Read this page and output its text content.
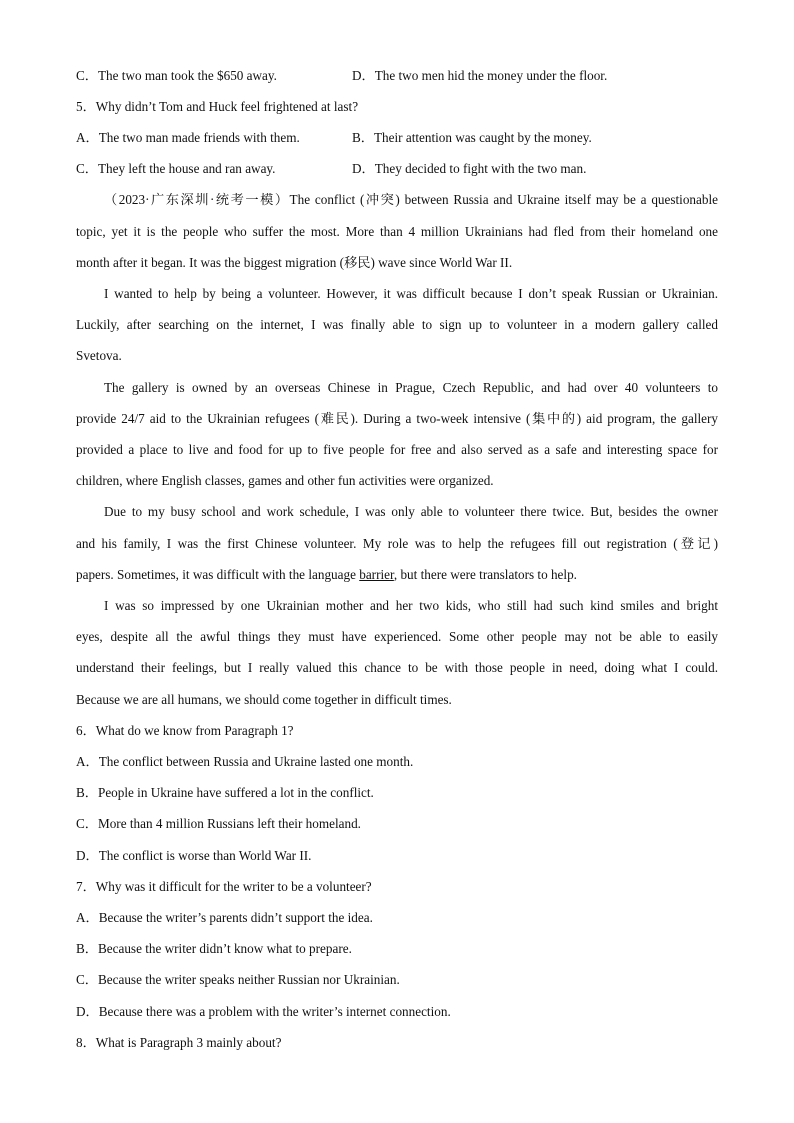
C．The two man took the $650 away.	D．The two men hid the money under the floor.
5．Why didn’t Tom and Huck feel frightened at last?
A．The two man made friends with them.	B．Their attention was caught by the money.
C．They left the house and ran away.	D．They decided to fight with the two man.
（2023·广东深圳·统考一模）The conflict (冲突) between Russia and Ukraine itself may be a questionable
topic, yet it is the people who suffer the most. More than 4 million Ukrainians had fled from their homeland one
month after it began. It was the biggest migration (移民) wave since World War II.
I wanted to help by being a volunteer. However, it was difficult because I don’t speak Russian or Ukrainian.
Luckily, after searching on the internet, I was finally able to sign up to volunteer in a modern gallery called
Svetova.
The gallery is owned by an overseas Chinese in Prague, Czech Republic, and had over 40 volunteers to
provide 24/7 aid to the Ukrainian refugees (难民). During a two-week intensive (集中的) aid program, the gallery
provided a place to live and food for up to five people for free and also served as a safe and interesting space for
children, where English classes, games and other fun activities were organized.
Due to my busy school and work schedule, I was only able to volunteer there twice. But, besides the owner
and his family, I was the first Chinese volunteer. My role was to help the refugees fill out registration (登记)
papers. Sometimes, it was difficult with the language barrier, but there were translators to help.
I was so impressed by one Ukrainian mother and her two kids, who still had such kind smiles and bright
eyes, despite all the awful things they must have experienced. Some other people may not be able to easily
understand their feelings, but I really valued this chance to be with those people in need, doing what I could.
Because we are all humans, we should come together in difficult times.
6．What do we know from Paragraph 1?
A．The conflict between Russia and Ukraine lasted one month.
B．People in Ukraine have suffered a lot in the conflict.
C．More than 4 million Russians left their homeland.
D．The conflict is worse than World War II.
7．Why was it difficult for the writer to be a volunteer?
A．Because the writer’s parents didn’t support the idea.
B．Because the writer didn’t know what to prepare.
C．Because the writer speaks neither Russian nor Ukrainian.
D．Because there was a problem with the writer’s internet connection.
8．What is Paragraph 3 mainly about?
